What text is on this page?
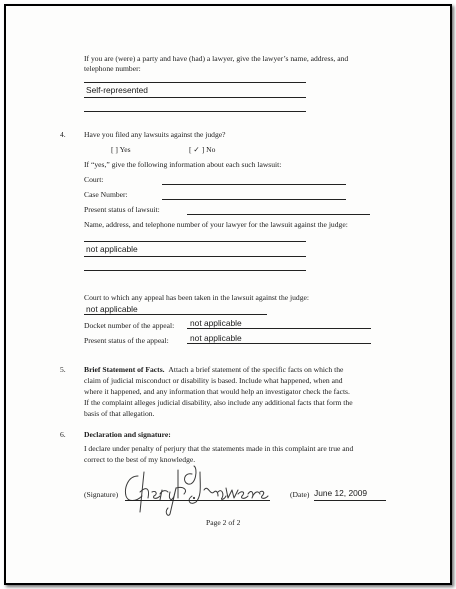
If you are (were) a party and have (had) a lawyer, give the lawyer’s name, address, and
telephone number:
Self-represented
4. Have you filed any lawsuits against the judge?
[ ] Yes	[ ✓ ] No
If “yes,” give the following information about each such lawsuit:
Court:
Case Number:
Present status of lawsuit:
Name, address, and telephone number of your lawyer for the lawsuit against the judge:
not applicable
Court to which any appeal has been taken in the lawsuit against the judge:
not applicable
Docket number of the appeal: not applicable
Present status of the appeal:	not applicable
5. Brief Statement of Facts. Attach a brief statement of the specific facts on which the
claim of judicial misconduct or disability is based. Include what happened, when and
where it happened, and any information that would help an investigator check the facts.
If the complaint alleges judicial disability, also include any additional facts that form the
basis of that allegation.
6. Declaration and signature:
I declare under penalty of perjury that the statements made in this complaint are true and
correct to the best of my knowledge.
(Signature)	(Date) June 12, 2009
Page 2 of 2
